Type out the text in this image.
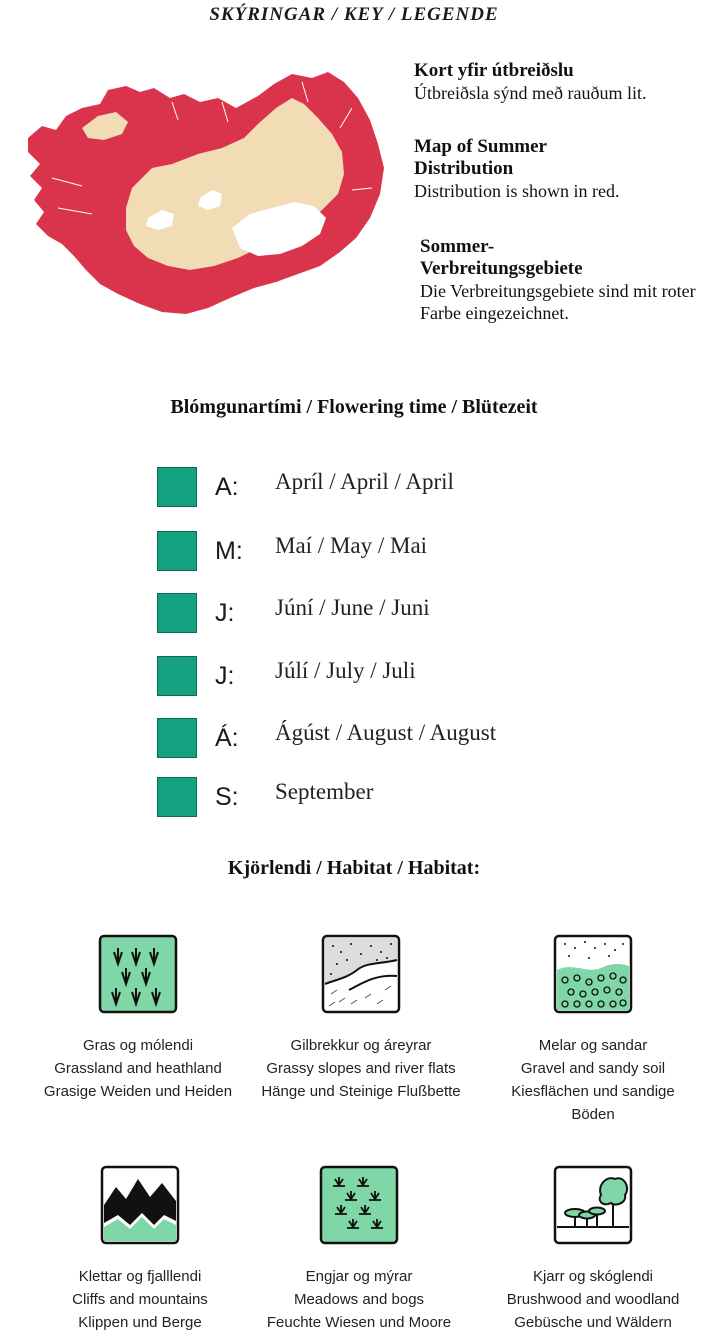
SKÝRINGAR / KEY / LEGENDE
Kort yfir útbreiðslu
Útbreiðsla sýnd með rauðum lit.
Map of Summer Distribution
Distribution is shown in red.
Sommer-Verbreitungsgebiete
Die Verbreitungsgebiete sind mit roter Farbe eingezeichnet.
Blómgunartími / Flowering time / Blütezeit
A: Apríl / April / April
M: Maí / May / Mai
J: Júní / June / Juni
J: Júlí / July / Juli
Á: Ágúst / August / August
S: September
Kjörlendi / Habitat / Habitat:
Gras og mólendi
Grassland and heathland
Grasige Weiden und Heiden
Gilbrekkur og áreyrar
Grassy slopes and river flats
Hänge und Steinige Flußbette
Melar og sandar
Gravel and sandy soil
Kiesflächen und sandige
Böden
Klettar og fjalllendi
Cliffs and mountains
Klippen und Berge
Engjar og mýrar
Meadows and bogs
Feuchte Wiesen und Moore
Kjarr og skóglendi
Brushwood and woodland
Gebüsche und Wäldern
